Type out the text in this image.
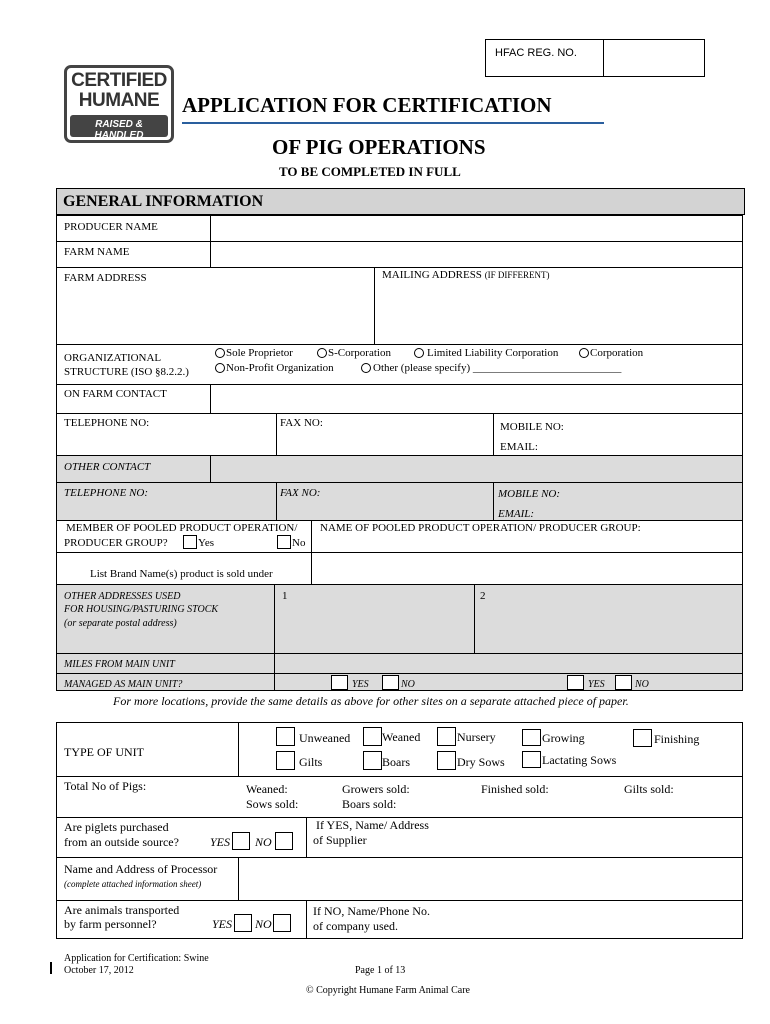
HFAC REG. NO.
CERTIFIED
HUMANE
RAISED & HANDLED
APPLICATION FOR CERTIFICATION
OF PIG OPERATIONS
TO BE COMPLETED IN FULL
GENERAL INFORMATION
PRODUCER NAME
FARM NAME
FARM ADDRESS	MAILING ADDRESS (IF DIFFERENT)
ORGANIZATIONAL
STRUCTURE (ISO §8.2.2.)
Sole Proprietor	S-Corporation	Limited Liability Corporation	Corporation
Non-Profit Organization	Other (please specify) ___________________________
ON FARM CONTACT
TELEPHONE NO:	FAX NO:	MOBILE NO:
EMAIL:
OTHER CONTACT
TELEPHONE NO:	FAX NO:	MOBILE NO:
EMAIL:
MEMBER OF POOLED PRODUCT OPERATION/
PRODUCER GROUP?	Yes	No
NAME OF POOLED PRODUCT OPERATION/ PRODUCER GROUP:
List Brand Name(s) product is sold under
OTHER ADDRESSES USED
FOR HOUSING/PASTURING STOCK
(or separate postal address)
1	2
MILES FROM MAIN UNIT
MANAGED AS MAIN UNIT?	YES	NO	YES	NO
For more locations, provide the same details as above for other sites on a separate attached piece of paper.
TYPE OF UNIT
Unweaned	Weaned	Nursery	Growing	Finishing
Gilts	Boars	Dry Sows	Lactating Sows
Total No of Pigs:	Weaned:	Growers sold:	Finished sold:	Gilts sold:
Sows sold:	Boars sold:
Are piglets purchased
from an outside source?	YES NO
If YES, Name/ Address
of Supplier
Name and Address of Processor
(complete attached information sheet)
Are animals transported
by farm personnel?	YES NO
If NO, Name/Phone No.
of company used.
Application for Certification: Swine
October 17, 2012	Page 1 of 13
© Copyright Humane Farm Animal Care
